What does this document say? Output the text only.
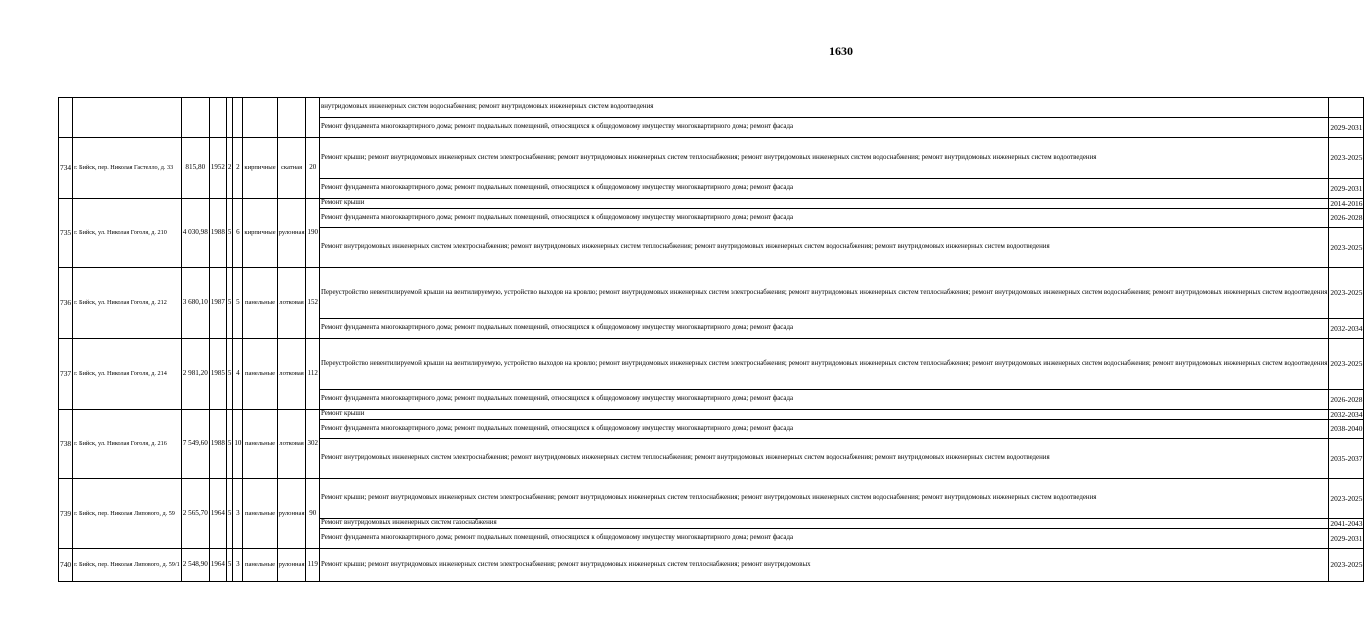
1630
									внутридомовых инженерных систем водоснабжения; ремонт внутридомовых инженерных систем водоотведения	
									Ремонт фундамента многоквартирного дома; ремонт подвальных помещений, относящихся к общедомовому имуществу многоквартирного дома; ремонт фасада	2029-2031
734	г. Бийск, пер. Николая Гастелло, д. 33	815,80	1952	2	2	кирпичные	скатная	20	Ремонт крыши; ремонт внутридомовых инженерных систем электроснабжения; ремонт внутридомовых инженерных систем теплоснабжения; ремонт внутридомовых инженерных систем водоснабжения; ремонт внутридомовых инженерных систем водоотведения	2023-2025
									Ремонт фундамента многоквартирного дома; ремонт подвальных помещений, относящихся к общедомовому имуществу многоквартирного дома; ремонт фасада	2029-2031
735	г. Бийск, ул. Николая Гоголя, д. 210	4 030,98	1988	5	6	кирпичные	рулонная	190	Ремонт крыши	2014-2016
									Ремонт фундамента многоквартирного дома; ремонт подвальных помещений, относящихся к общедомовому имуществу многоквартирного дома; ремонт фасада	2026-2028
									Ремонт внутридомовых инженерных систем электроснабжения; ремонт внутридомовых инженерных систем теплоснабжения; ремонт внутридомовых инженерных систем водоснабжения; ремонт внутридомовых инженерных систем водоотведения	2023-2025
736	г. Бийск, ул. Николая Гоголя, д. 212	3 680,10	1987	5	5	панельные	лотковая	152	Переустройство невентилируемой крыши на вентилируемую, устройство выходов на кровлю; ремонт внутридомовых инженерных систем электроснабжения; ремонт внутридомовых инженерных систем теплоснабжения; ремонт внутридомовых инженерных систем водоснабжения; ремонт внутридомовых инженерных систем водоотведения	2023-2025
									Ремонт фундамента многоквартирного дома; ремонт подвальных помещений, относящихся к общедомовому имуществу многоквартирного дома; ремонт фасада	2032-2034
737	г. Бийск, ул. Николая Гоголя, д. 214	2 981,20	1985	5	4	панельные	лотковая	112	Переустройство невентилируемой крыши на вентилируемую, устройство выходов на кровлю; ремонт внутридомовых инженерных систем электроснабжения; ремонт внутридомовых инженерных систем теплоснабжения; ремонт внутридомовых инженерных систем водоснабжения; ремонт внутридомовых инженерных систем водоотведения	2023-2025
									Ремонт фундамента многоквартирного дома; ремонт подвальных помещений, относящихся к общедомовому имуществу многоквартирного дома; ремонт фасада	2026-2028
738	г. Бийск, ул. Николая Гоголя, д. 216	7 549,60	1988	5	10	панельные	лотковая	302	Ремонт крыши	2032-2034
									Ремонт фундамента многоквартирного дома; ремонт подвальных помещений, относящихся к общедомовому имуществу многоквартирного дома; ремонт фасада	2038-2040
									Ремонт внутридомовых инженерных систем электроснабжения; ремонт внутридомовых инженерных систем теплоснабжения; ремонт внутридомовых инженерных систем водоснабжения; ремонт внутридомовых инженерных систем водоотведения	2035-2037
739	г. Бийск, пер. Николая Липового, д. 59	2 565,70	1964	5	3	панельные	рулонная	90	Ремонт крыши; ремонт внутридомовых инженерных систем электроснабжения; ремонт внутридомовых инженерных систем теплоснабжения; ремонт внутридомовых инженерных систем водоснабжения; ремонт внутридомовых инженерных систем водоотведения	2023-2025
									Ремонт внутридомовых инженерных систем газоснабжения	2041-2043
									Ремонт фундамента многоквартирного дома; ремонт подвальных помещений, относящихся к общедомовому имуществу многоквартирного дома; ремонт фасада	2029-2031
740	г. Бийск, пер. Николая Липового, д. 59/1	2 548,90	1964	5	3	панельные	рулонная	119	Ремонт крыши; ремонт внутридомовых инженерных систем электроснабжения; ремонт внутридомовых инженерных систем теплоснабжения; ремонт внутридомовых	2023-2025
